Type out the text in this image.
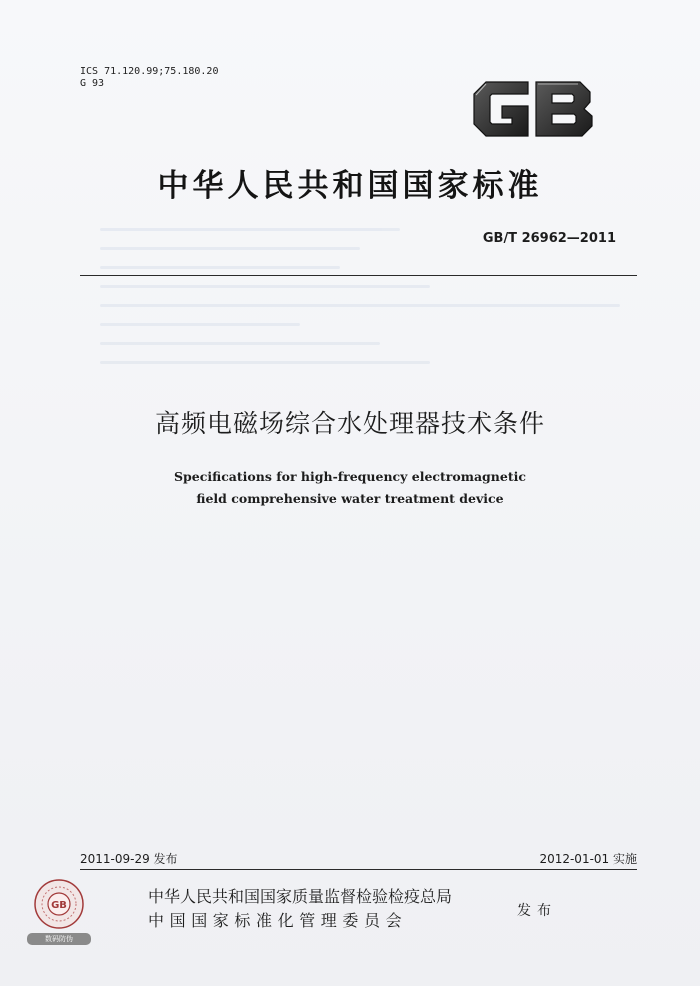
ICS 71.120.99;75.180.20
G 93
中华人民共和国国家标准
GB/T 26962—2011
高频电磁场综合水处理器技术条件
Specifications for high-frequency electromagnetic
field comprehensive water treatment device
2011-09-29 发布	2012-01-01 实施
GB
数码防伪
中华人民共和国国家质量监督检验检疫总局
中国国家标准化管理委员会	发布
